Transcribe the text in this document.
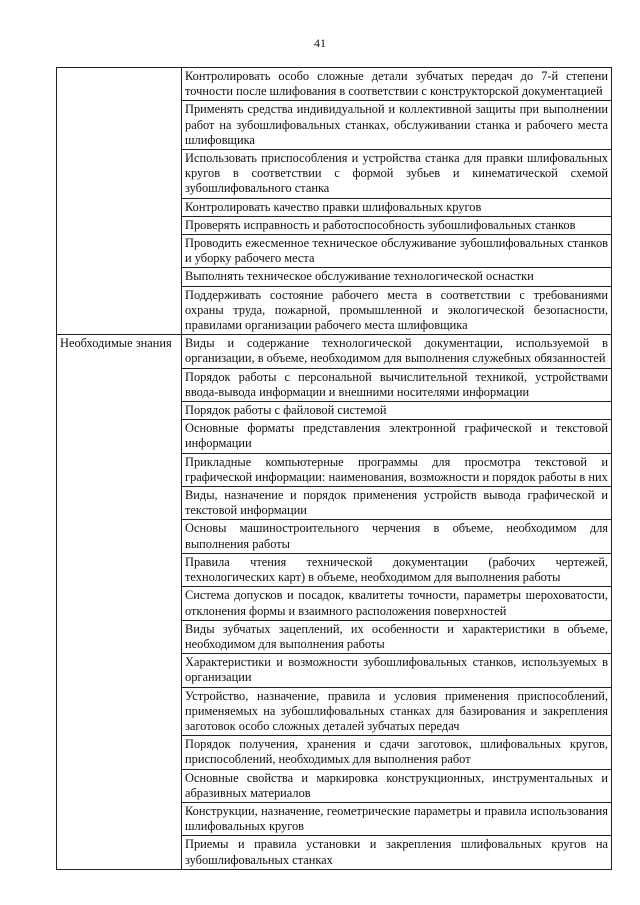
41

	Контролировать особо сложные детали зубчатых передач до 7-й степени точности после шлифования в соответствии с конструкторской документацией

	Применять средства индивидуальной и коллективной защиты при выполнении работ на зубошлифовальных станках, обслуживании станка и рабочего места шлифовщика

	Использовать приспособления и устройства станка для правки шлифовальных кругов в соответствии с формой зубьев и кинематической схемой зубошлифовального станка

	Контролировать качество правки шлифовальных кругов

	Проверять исправность и работоспособность зубошлифовальных станков

	Проводить ежесменное техническое обслуживание зубошлифовальных станков и уборку рабочего места

	Выполнять техническое обслуживание технологической оснастки

	Поддерживать состояние рабочего места в соответствии с требованиями охраны труда, пожарной, промышленной и экологической безопасности, правилами организации рабочего места шлифовщика

Необходимые знания	Виды и содержание технологической документации, используемой в организации, в объеме, необходимом для выполнения служебных обязанностей

	Порядок работы с персональной вычислительной техникой, устройствами ввода-вывода информации и внешними носителями информации

	Порядок работы с файловой системой

	Основные форматы представления электронной графической и текстовой информации

	Прикладные компьютерные программы для просмотра текстовой и графической информации: наименования, возможности и порядок работы в них

	Виды, назначение и порядок применения устройств вывода графической и текстовой информации

	Основы машиностроительного черчения в объеме, необходимом для выполнения работы

	Правила чтения технической документации (рабочих чертежей, технологических карт) в объеме, необходимом для выполнения работы

	Система допусков и посадок, квалитеты точности, параметры шероховатости, отклонения формы и взаимного расположения поверхностей

	Виды зубчатых зацеплений, их особенности и характеристики в объеме, необходимом для выполнения работы

	Характеристики и возможности зубошлифовальных станков, используемых в организации

	Устройство, назначение, правила и условия применения приспособлений, применяемых на зубошлифовальных станках для базирования и закрепления заготовок особо сложных деталей зубчатых передач

	Порядок получения, хранения и сдачи заготовок, шлифовальных кругов, приспособлений, необходимых для выполнения работ

	Основные свойства и маркировка конструкционных, инструментальных и абразивных материалов

	Конструкции, назначение, геометрические параметры и правила использования шлифовальных кругов

	Приемы и правила установки и закрепления шлифовальных кругов на зубошлифовальных станках
